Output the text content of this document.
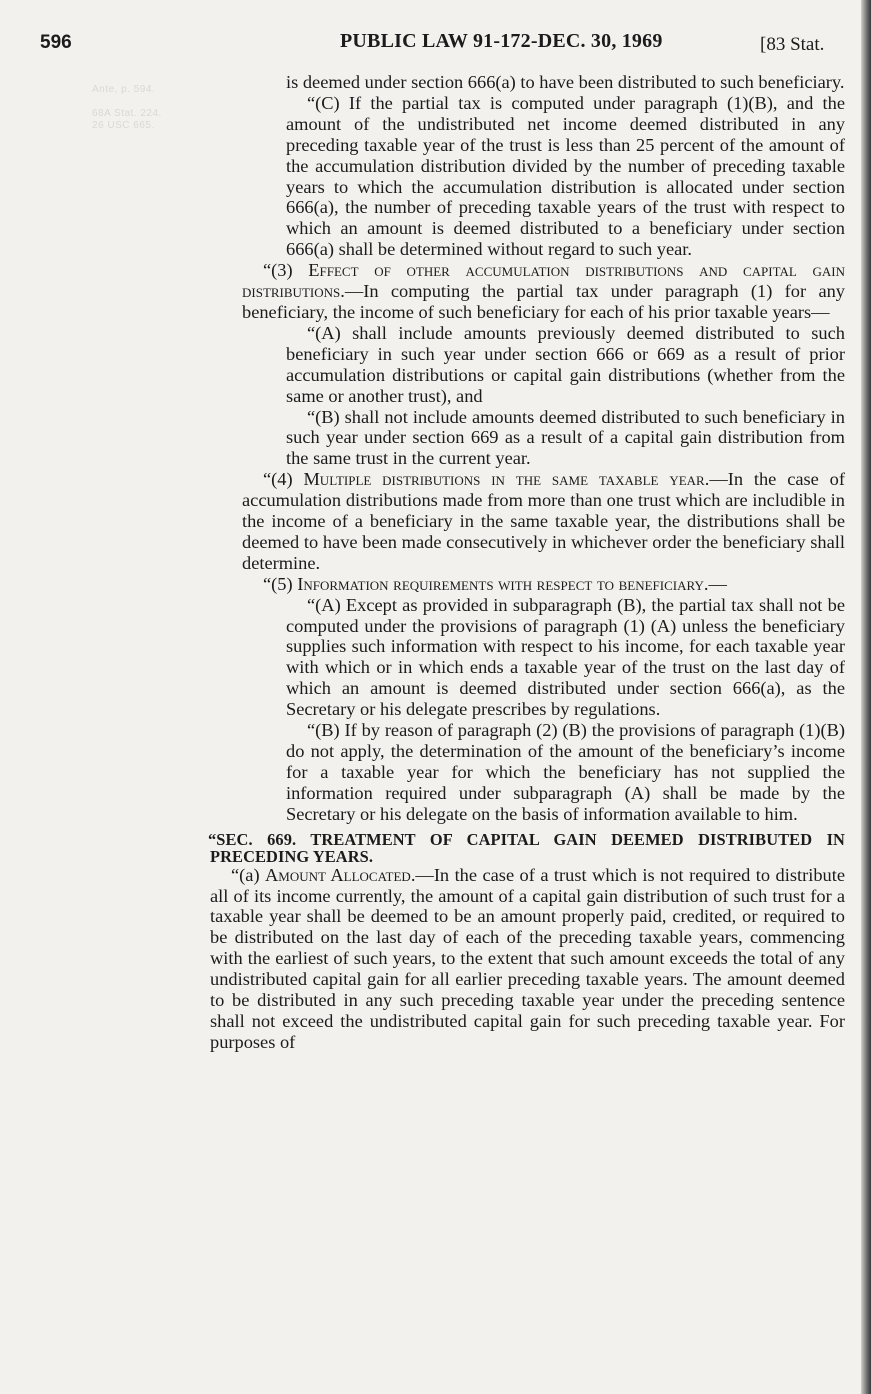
Ante, p. 594.
68A Stat. 224.
26 USC 665.
596	PUBLIC LAW 91-172-DEC. 30, 1969	[83 Stat.

is deemed under section 666(a) to have been distributed to such beneficiary.

“(C) If the partial tax is computed under paragraph (1)(B), and the amount of the undistributed net income deemed distributed in any preceding taxable year of the trust is less than 25 percent of the amount of the accumulation distribution divided by the number of preceding taxable years to which the accumulation distribution is allocated under section 666(a), the number of preceding taxable years of the trust with respect to which an amount is deemed distributed to a beneficiary under section 666(a) shall be determined without regard to such year.

“(3) Effect of other accumulation distributions and capital gain distributions.—In computing the partial tax under paragraph (1) for any beneficiary, the income of such beneficiary for each of his prior taxable years—

“(A) shall include amounts previously deemed distributed to such beneficiary in such year under section 666 or 669 as a result of prior accumulation distributions or capital gain distributions (whether from the same or another trust), and

“(B) shall not include amounts deemed distributed to such beneficiary in such year under section 669 as a result of a capital gain distribution from the same trust in the current year.

“(4) Multiple distributions in the same taxable year.—In the case of accumulation distributions made from more than one trust which are includible in the income of a beneficiary in the same taxable year, the distributions shall be deemed to have been made consecutively in whichever order the beneficiary shall determine.

“(5) Information requirements with respect to beneficiary.—

“(A) Except as provided in subparagraph (B), the partial tax shall not be computed under the provisions of paragraph (1) (A) unless the beneficiary supplies such information with respect to his income, for each taxable year with which or in which ends a taxable year of the trust on the last day of which an amount is deemed distributed under section 666(a), as the Secretary or his delegate prescribes by regulations.

“(B) If by reason of paragraph (2) (B) the provisions of paragraph (1)(B) do not apply, the determination of the amount of the beneficiary’s income for a taxable year for which the beneficiary has not supplied the information required under subparagraph (A) shall be made by the Secretary or his delegate on the basis of information available to him.

“SEC. 669. TREATMENT OF CAPITAL GAIN DEEMED DISTRIBUTED IN PRECEDING YEARS.

“(a) Amount Allocated.—In the case of a trust which is not required to distribute all of its income currently, the amount of a capital gain distribution of such trust for a taxable year shall be deemed to be an amount properly paid, credited, or required to be distributed on the last day of each of the preceding taxable years, commencing with the earliest of such years, to the extent that such amount exceeds the total of any undistributed capital gain for all earlier preceding taxable years. The amount deemed to be distributed in any such preceding taxable year under the preceding sentence shall not exceed the undistributed capital gain for such preceding taxable year. For purposes of
